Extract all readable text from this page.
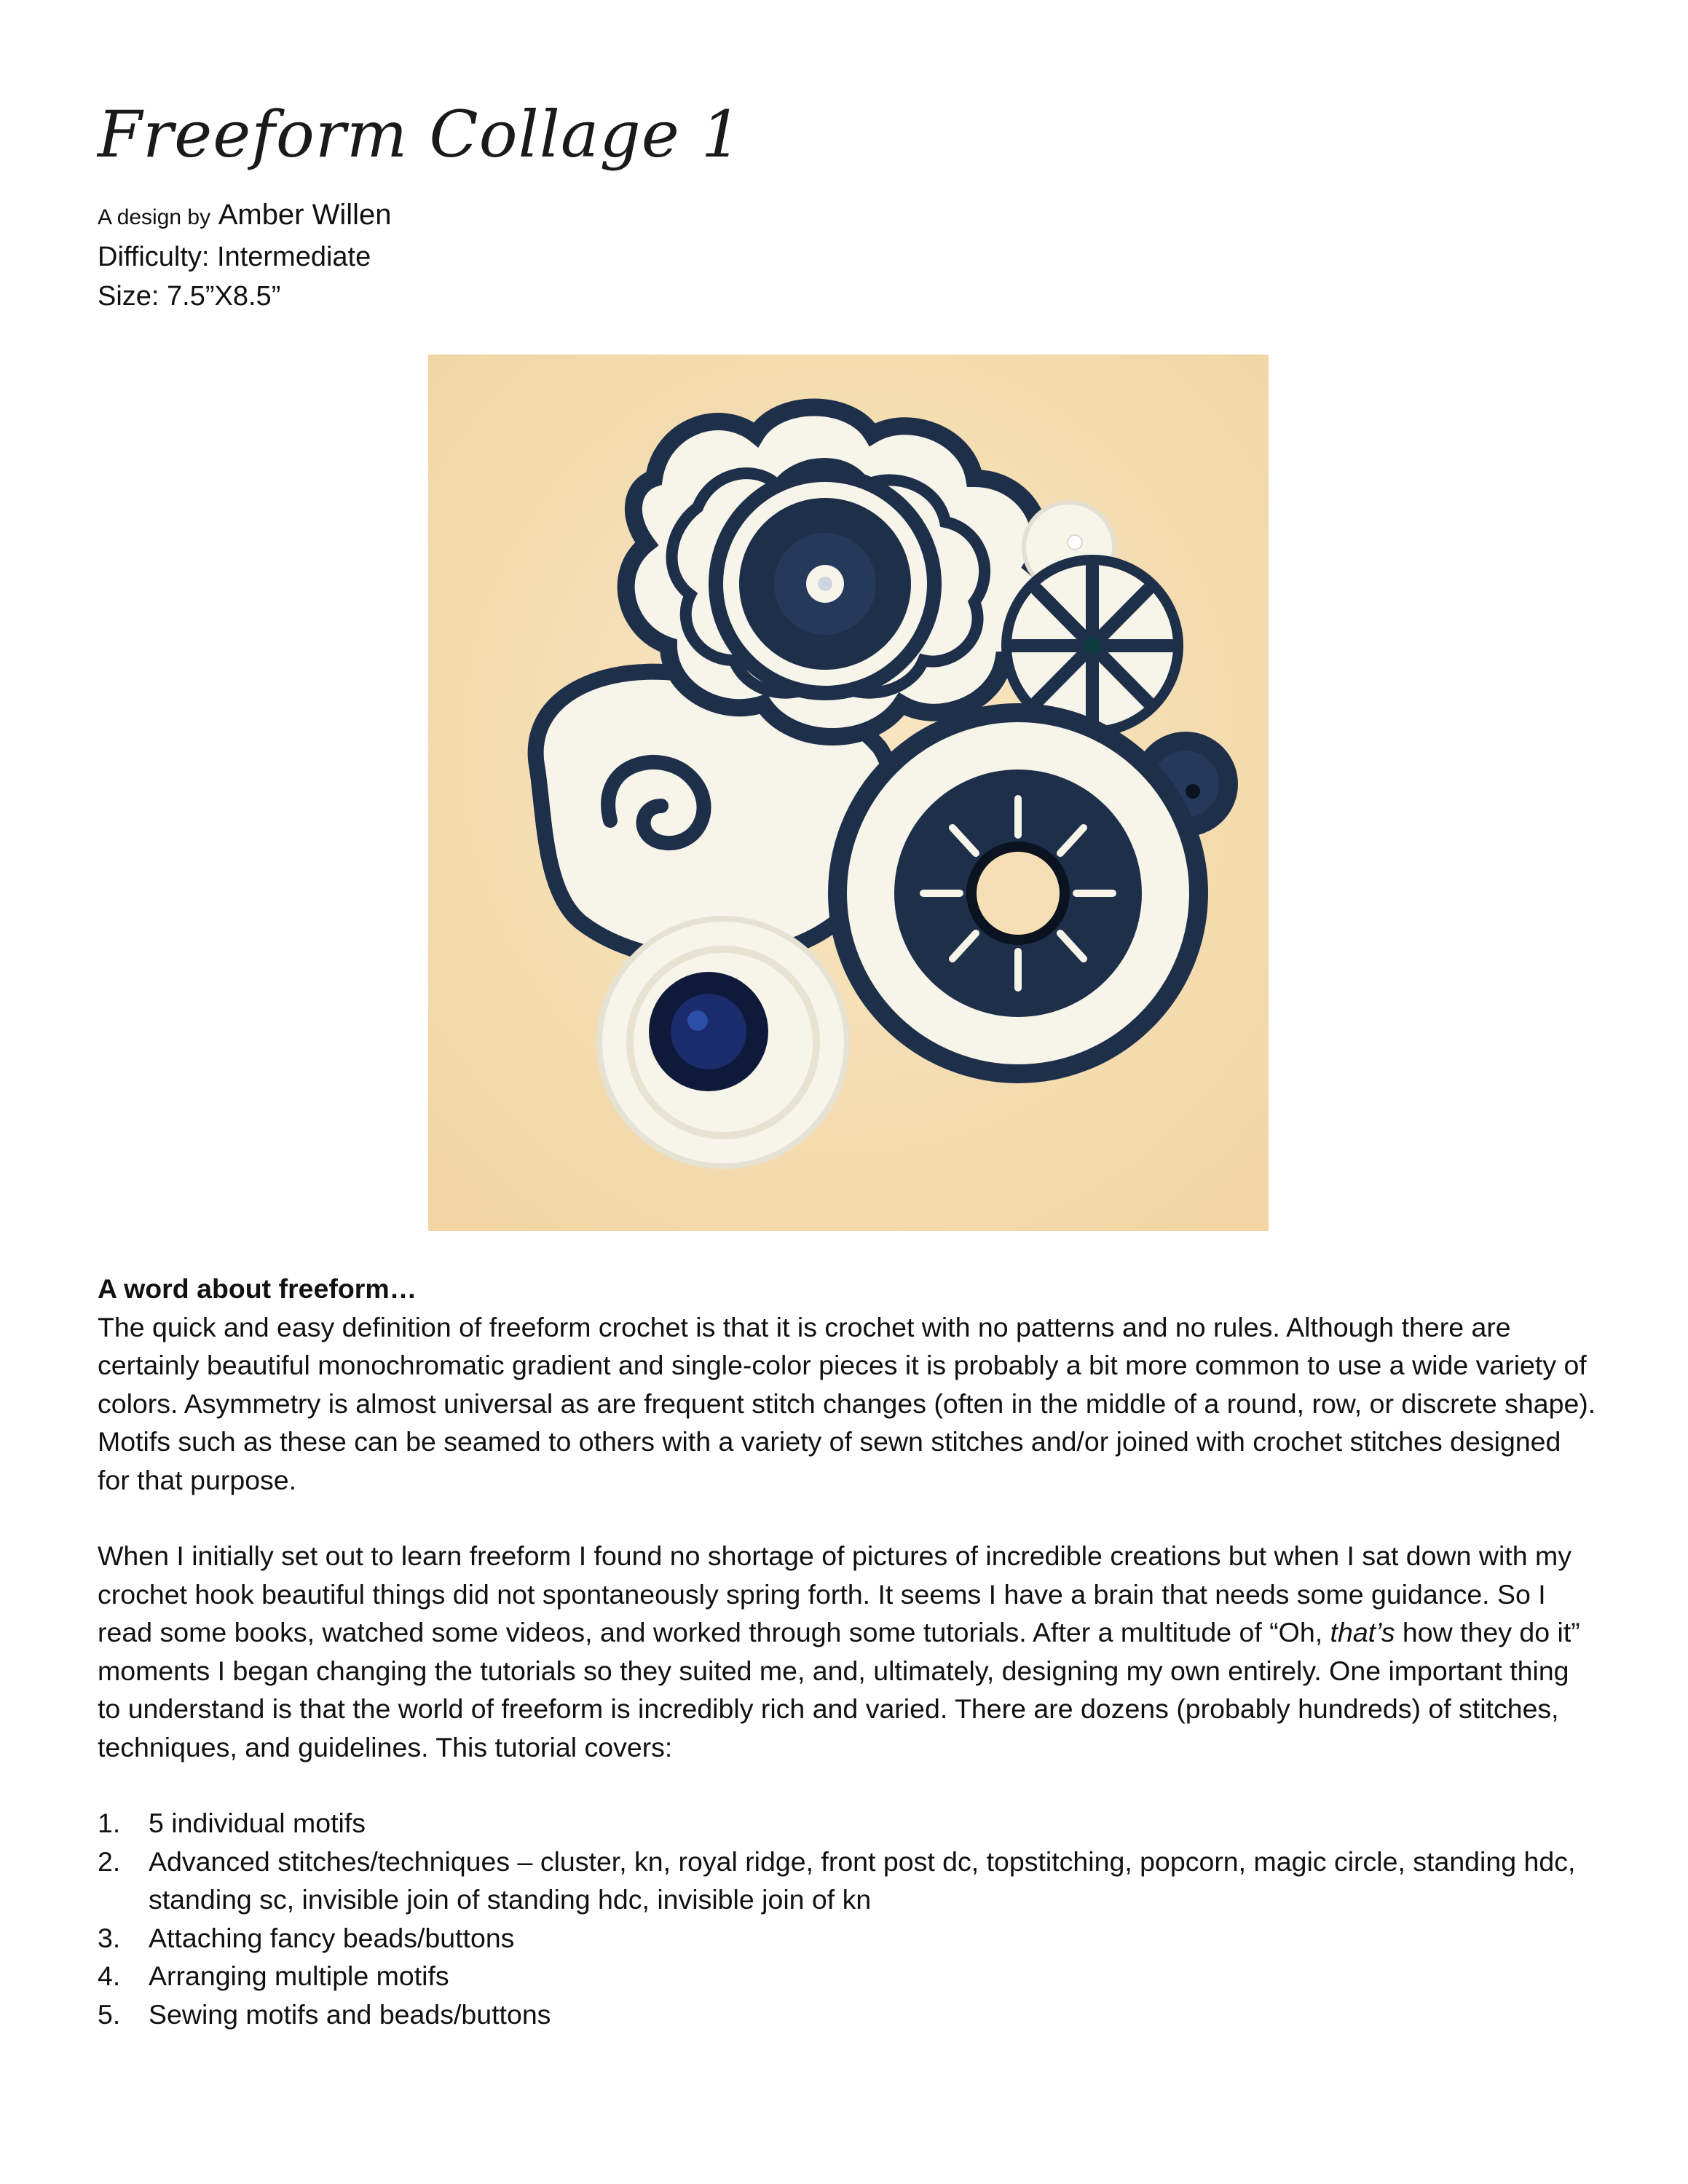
Freeform Collage 1
A design by Amber Willen
Difficulty: Intermediate
Size: 7.5”X8.5”
A word about freeform…

The quick and easy definition of freeform crochet is that it is crochet with no patterns and no rules. Although there are certainly beautiful monochromatic gradient and single-color pieces it is probably a bit more common to use a wide variety of colors. Asymmetry is almost universal as are frequent stitch changes (often in the middle of a round, row, or discrete shape). Motifs such as these can be seamed to others with a variety of sewn stitches and/or joined with crochet stitches designed for that purpose.

When I initially set out to learn freeform I found no shortage of pictures of incredible creations but when I sat down with my crochet hook beautiful things did not spontaneously spring forth. It seems I have a brain that needs some guidance. So I read some books, watched some videos, and worked through some tutorials. After a multitude of “Oh, that’s how they do it” moments I began changing the tutorials so they suited me, and, ultimately, designing my own entirely. One important thing to understand is that the world of freeform is incredibly rich and varied. There are dozens (probably hundreds) of stitches, techniques, and guidelines. This tutorial covers:

1. 5 individual motifs
2. Advanced stitches/techniques – cluster, kn, royal ridge, front post dc, topstitching, popcorn, magic circle, standing hdc, standing sc, invisible join of standing hdc, invisible join of kn
3. Attaching fancy beads/buttons
4. Arranging multiple motifs
5. Sewing motifs and beads/buttons
